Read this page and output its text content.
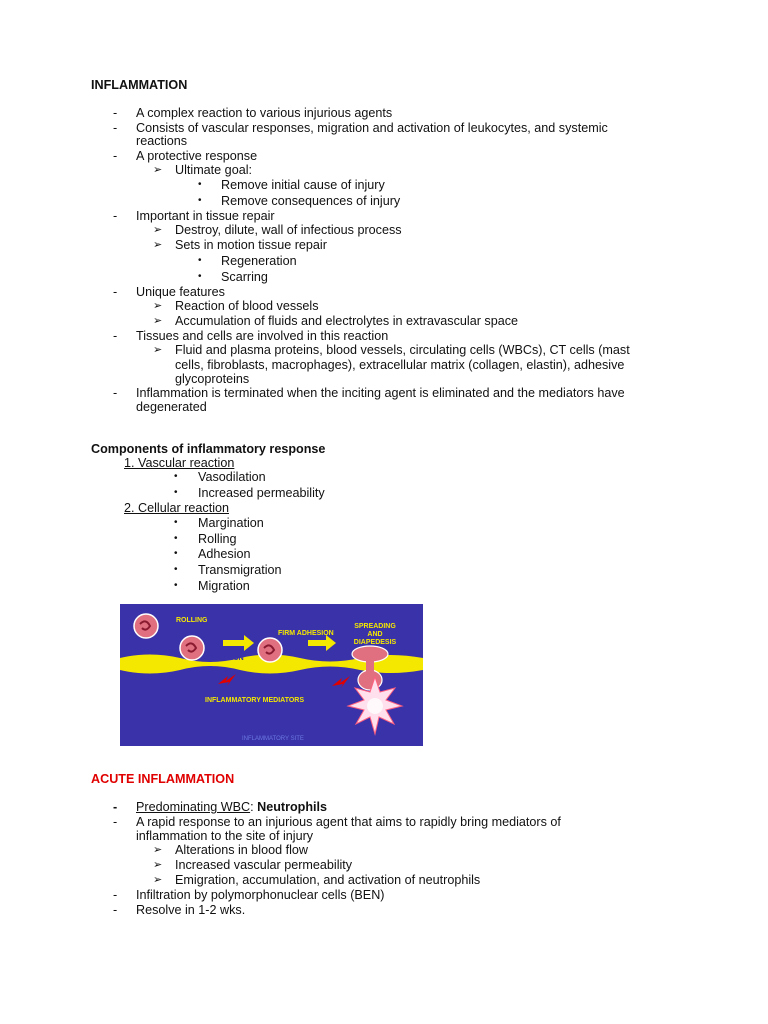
INFLAMMATION
- A complex reaction to various injurious agents
- Consists of vascular responses, migration and activation of leukocytes, and systemic
reactions
- A protective response
➢ Ultimate goal:
• Remove initial cause of injury
• Remove consequences of injury
- Important in tissue repair
➢ Destroy, dilute, wall of infectious process
➢ Sets in motion tissue repair
• Regeneration
• Scarring
- Unique features
➢ Reaction of blood vessels
➢ Accumulation of fluids and electrolytes in extravascular space
- Tissues and cells are involved in this reaction
➢ Fluid and plasma proteins, blood vessels, circulating cells (WBCs), CT cells (mast
cells, fibroblasts, macrophages), extracellular matrix (collagen, elastin), adhesive
glycoproteins
- Inflammation is terminated when the inciting agent is eliminated and the mediators have
degenerated
Components of inflammatory response
1. Vascular reaction
• Vasodilation
• Increased permeability
2. Cellular reaction
• Margination
• Rolling
• Adhesion
• Transmigration
• Migration
ROLLING
FIRM ADHESION
SPREADING
AND
DIAPEDESIS
ACTIVATION
INFLAMMATORY MEDIATORS
INFLAMMATORY SITE
ACUTE INFLAMMATION
- Predominating WBC: Neutrophils
- A rapid response to an injurious agent that aims to rapidly bring mediators of
inflammation to the site of injury
➢ Alterations in blood flow
➢ Increased vascular permeability
➢ Emigration, accumulation, and activation of neutrophils
- Infiltration by polymorphonuclear cells (BEN)
- Resolve in 1-2 wks.
